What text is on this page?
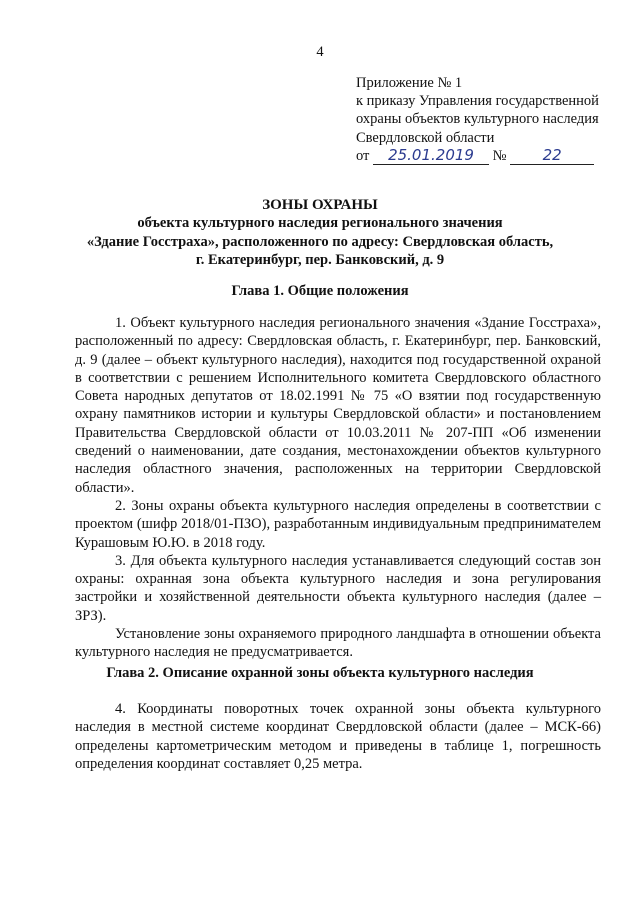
4
Приложение № 1
к приказу Управления государственной
охраны объектов культурного наследия
Свердловской области
от 25.01.2019 № 22
ЗОНЫ ОХРАНЫ
объекта культурного наследия регионального значения
«Здание Госстраха», расположенного по адресу: Свердловская область,
г. Екатеринбург, пер. Банковский, д. 9
Глава 1. Общие положения

1. Объект культурного наследия регионального значения «Здание Госстраха», расположенный по адресу: Свердловская область, г. Екатеринбург, пер. Банковский, д. 9 (далее – объект культурного наследия), находится под государственной охраной в соответствии с решением Исполнительного комитета Свердловского областного Совета народных депутатов от 18.02.1991 № 75 «О взятии под государственную охрану памятников истории и культуры Свердловской области» и постановлением Правительства Свердловской области от 10.03.2011 № 207-ПП «Об изменении сведений о наименовании, дате создания, местонахождении объектов культурного наследия областного значения, расположенных на территории Свердловской области».

2. Зоны охраны объекта культурного наследия определены в соответствии с проектом (шифр 2018/01-ПЗО), разработанным индивидуальным предпринимателем Курашовым Ю.Ю. в 2018 году.

3. Для объекта культурного наследия устанавливается следующий состав зон охраны: охранная зона объекта культурного наследия и зона регулирования застройки и хозяйственной деятельности объекта культурного наследия (далее – ЗРЗ).

Установление зоны охраняемого природного ландшафта в отношении объекта культурного наследия не предусматривается.

Глава 2. Описание охранной зоны объекта культурного наследия

4. Координаты поворотных точек охранной зоны объекта культурного наследия в местной системе координат Свердловской области (далее – МСК-66) определены картометрическим методом и приведены в таблице 1, погрешность определения координат составляет 0,25 метра.
